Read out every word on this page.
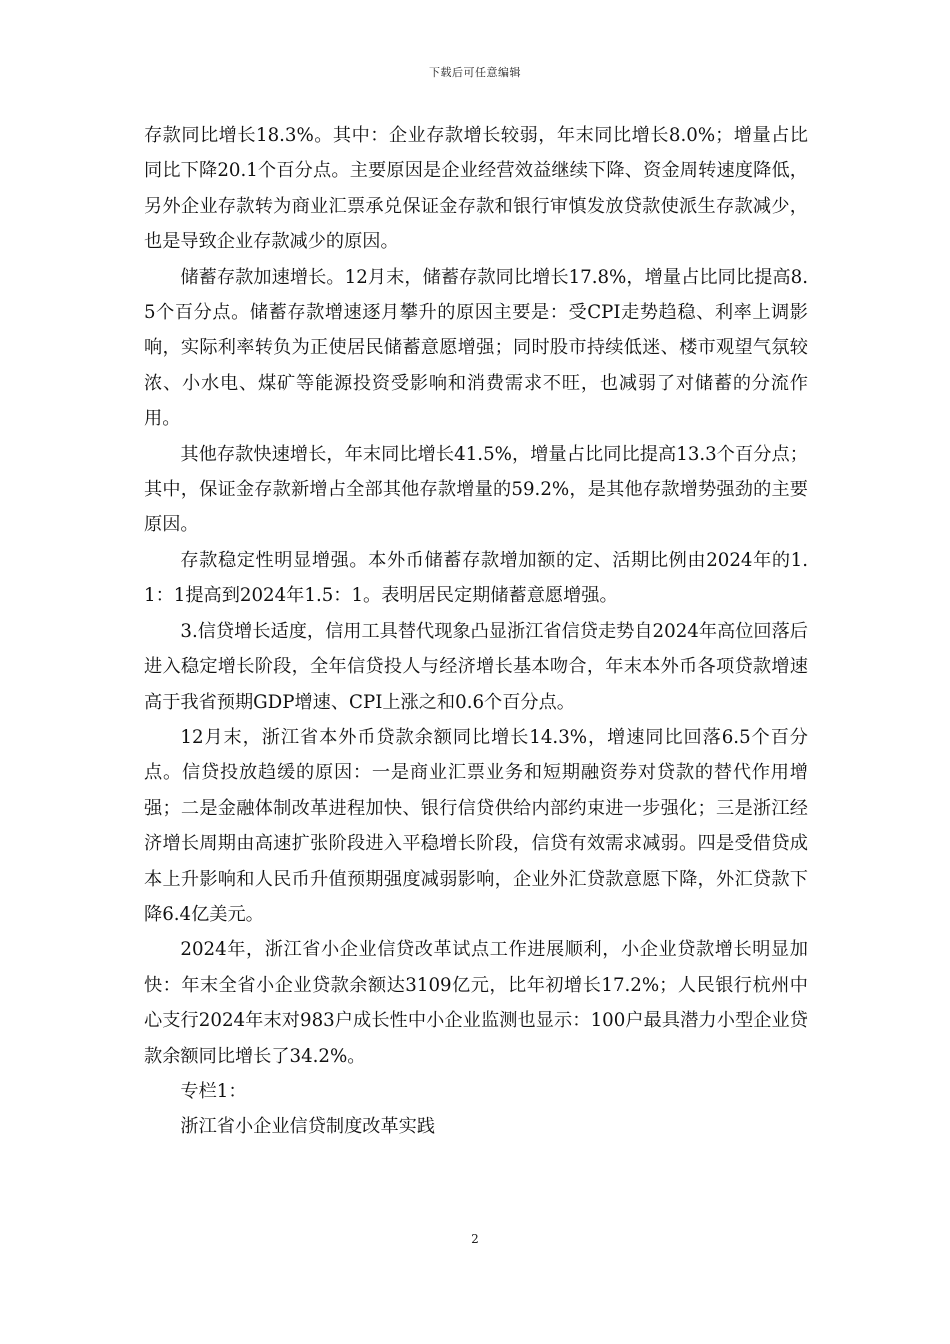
下载后可任意编辑

存款同比增长18.3%。其中：企业存款增长较弱，年末同比增长8.0%；增量占比同比下降20.1个百分点。主要原因是企业经营效益继续下降、资金周转速度降低，另外企业存款转为商业汇票承兑保证金存款和银行审慎发放贷款使派生存款减少，也是导致企业存款减少的原因。

储蓄存款加速增长。12月末，储蓄存款同比增长17.8%，增量占比同比提高8.5个百分点。储蓄存款增速逐月攀升的原因主要是：受CPI走势趋稳、利率上调影响，实际利率转负为正使居民储蓄意愿增强；同时股市持续低迷、楼市观望气氛较浓、小水电、煤矿等能源投资受影响和消费需求不旺，也减弱了对储蓄的分流作用。

其他存款快速增长，年末同比增长41.5%，增量占比同比提高13.3个百分点；其中，保证金存款新增占全部其他存款增量的59.2%，是其他存款增势强劲的主要原因。

存款稳定性明显增强。本外币储蓄存款增加额的定、活期比例由2024年的1.1：1提高到2024年1.5：1。表明居民定期储蓄意愿增强。

3.信贷增长适度，信用工具替代现象凸显浙江省信贷走势自2024年高位回落后进入稳定增长阶段，全年信贷投人与经济增长基本吻合，年末本外币各项贷款增速高于我省预期GDP增速、CPI上涨之和0.6个百分点。

12月末，浙江省本外币贷款余额同比增长14.3%，增速同比回落6.5个百分点。信贷投放趋缓的原因：一是商业汇票业务和短期融资券对贷款的替代作用增强；二是金融体制改革进程加快、银行信贷供给内部约束进一步强化；三是浙江经济增长周期由高速扩张阶段进入平稳增长阶段，信贷有效需求减弱。四是受借贷成本上升影响和人民币升值预期强度减弱影响，企业外汇贷款意愿下降，外汇贷款下降6.4亿美元。

2024年，浙江省小企业信贷改革试点工作进展顺利，小企业贷款增长明显加快：年末全省小企业贷款余额达3109亿元，比年初增长17.2%；人民银行杭州中心支行2024年末对983户成长性中小企业监测也显示：100户最具潜力小型企业贷款余额同比增长了34.2%。

专栏1：

浙江省小企业信贷制度改革实践

2
